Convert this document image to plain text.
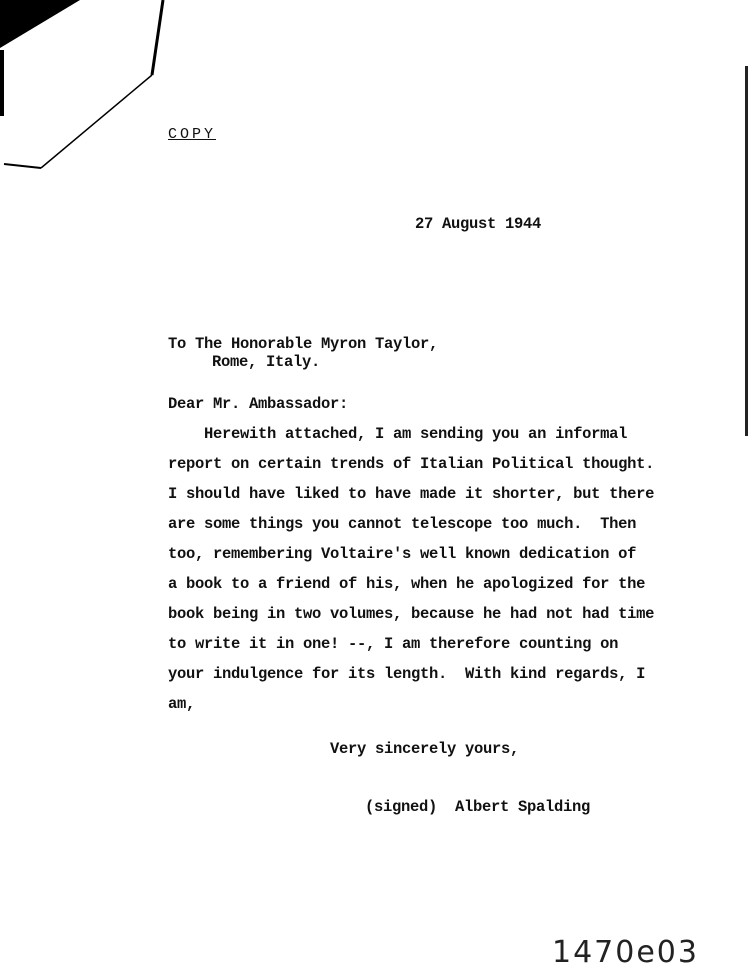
COPY
27 August 1944
To The Honorable Myron Taylor,
Rome, Italy.
Dear Mr. Ambassador:
Herewith attached, I am sending you an informal
report on certain trends of Italian Political thought.
I should have liked to have made it shorter, but there
are some things you cannot telescope too much.  Then
too, remembering Voltaire's well known dedication of
a book to a friend of his, when he apologized for the
book being in two volumes, because he had not had time
to write it in one! --, I am therefore counting on
your indulgence for its length.  With kind regards, I
am,
Very sincerely yours,
(signed)  Albert Spalding
1470e03
